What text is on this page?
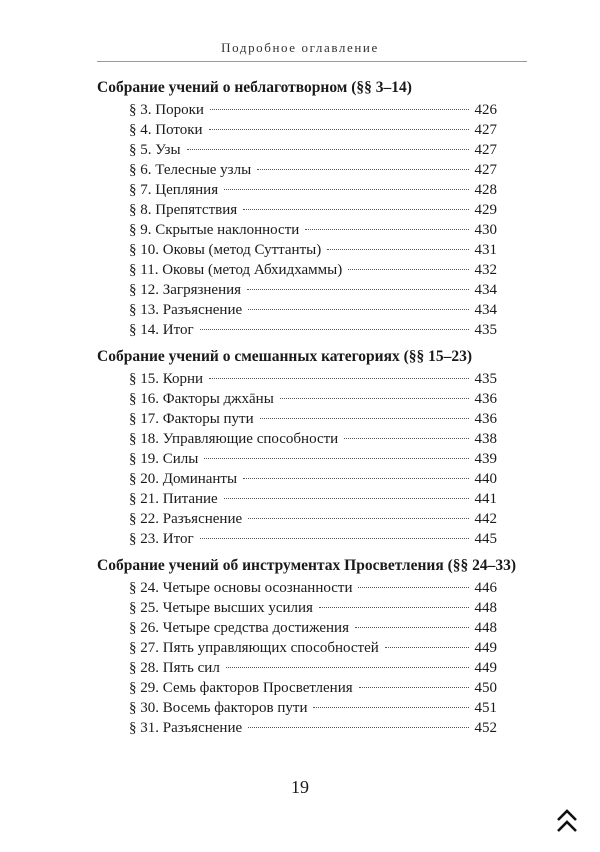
Подробное оглавление
Собрание учений о неблаготворном (§§ 3–14)
§ 3. Пороки	426
§ 4. Потоки	427
§ 5. Узы	427
§ 6. Телесные узлы	427
§ 7. Цепляния	428
§ 8. Препятствия	429
§ 9. Скрытые наклонности	430
§ 10. Оковы (метод Суттанты)	431
§ 11. Оковы (метод Абхидхаммы)	432
§ 12. Загрязнения	434
§ 13. Разъяснение	434
§ 14. Итог	435
Собрание учений о смешанных категориях (§§ 15–23)
§ 15. Корни	435
§ 16. Факторы джхāны	436
§ 17. Факторы пути	436
§ 18. Управляющие способности	438
§ 19. Силы	439
§ 20. Доминанты	440
§ 21. Питание	441
§ 22. Разъяснение	442
§ 23. Итог	445
Собрание учений об инструментах Просветления (§§ 24–33)
§ 24. Четыре основы осознанности	446
§ 25. Четыре высших усилия	448
§ 26. Четыре средства достижения	448
§ 27. Пять управляющих способностей	449
§ 28. Пять сил	449
§ 29. Семь факторов Просветления	450
§ 30. Восемь факторов пути	451
§ 31. Разъяснение	452
19
